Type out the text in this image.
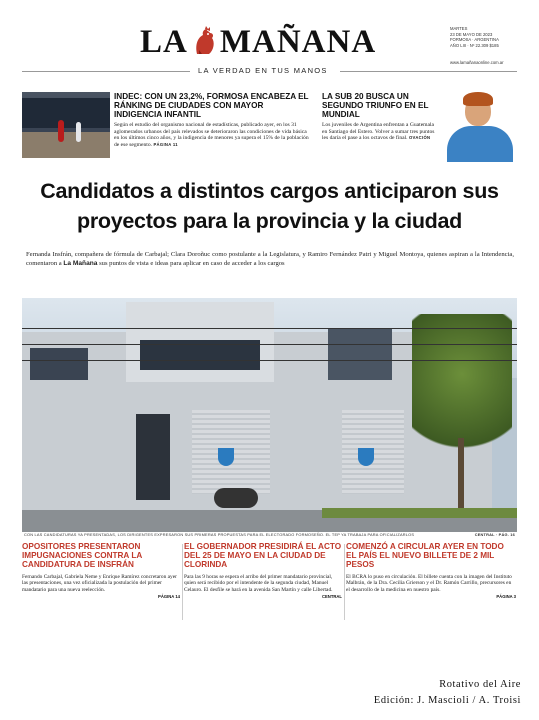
LA MAÑANA	MARTES
23 DE MAYO DE 2023
FORMOSA · ARGENTINA
AÑO LIII · Nº 22.309 $185
www.lamañanaonline.com.ar
LA VERDAD EN TUS MANOS
INDEC: CON UN 23,2%, FORMOSA ENCABEZA EL RÁNKING DE CIUDADES CON MAYOR INDIGENCIA INFANTIL
Según el estudio del organismo nacional de estadísticas, publicado ayer, en los 31 aglomerados urbanos del país relevados se deterioraron las condiciones de vida básica en los últimos cinco años, y la indigencia de menores ya supera el 15% de la población de ese segmento. PÁGINA 11
LA SUB 20 BUSCA UN SEGUNDO TRIUNFO EN EL MUNDIAL
Los juveniles de Argentina enfrentan a Guatemala en Santiago del Estero. Volver a sumar tres puntos les daría el pase a los octavos de final. OVACIÓN
Candidatos a distintos cargos anticiparon sus proyectos para la provincia y la ciudad
Fernanda Insfrán, compañera de fórmula de Carbajal; Clara Doroñuc como postulante a la Legislatura, y Ramiro Fernández Patri y Miguel Montoya, quienes aspiran a la Intendencia, comentaron a La Mañana sus puntos de vista e ideas para aplicar en caso de acceder a los cargos
CON LAS CANDIDATURAS YA PRESENTADAS, LOS DIRIGENTES EXPRESARON SUS PRIMERAS PROPUESTAS PARA EL ELECTORADO FORMOSEÑO. EL TEP YA TRABAJA PARA OFICIALIZARLOS	CENTRAL · PÁG. 16
OPOSITORES PRESENTARON IMPUGNACIONES CONTRA LA CANDIDATURA DE INSFRÁN
Fernando Carbajal, Gabriela Neme y Enrique Ramírez concretaron ayer las presentaciones, una vez oficializada la postulación del primer mandatario para una nueva reelección.
PÁGINA 14
EL GOBERNADOR PRESIDIRÁ EL ACTO DEL 25 DE MAYO EN LA CIUDAD DE CLORINDA
Para las 9 horas se espera el arribo del primer mandatario provincial, quien será recibido por el intendente de la segunda ciudad, Manuel Celauro. El desfile se hará en la avenida San Martín y calle Libertad.
CENTRAL
COMENZÓ A CIRCULAR AYER EN TODO EL PAÍS EL NUEVO BILLETE DE 2 MIL PESOS
El BCRA lo puso en circulación. El billete cuenta con la imagen del Instituto Malbrán, de la Dra. Cecilia Grierson y el Dr. Ramón Carrillo, precursores en el desarrollo de la medicina en nuestro país.
PÁGINA 3
Rotativo del Aire
Edición: J. Mascioli / A. Troisi
